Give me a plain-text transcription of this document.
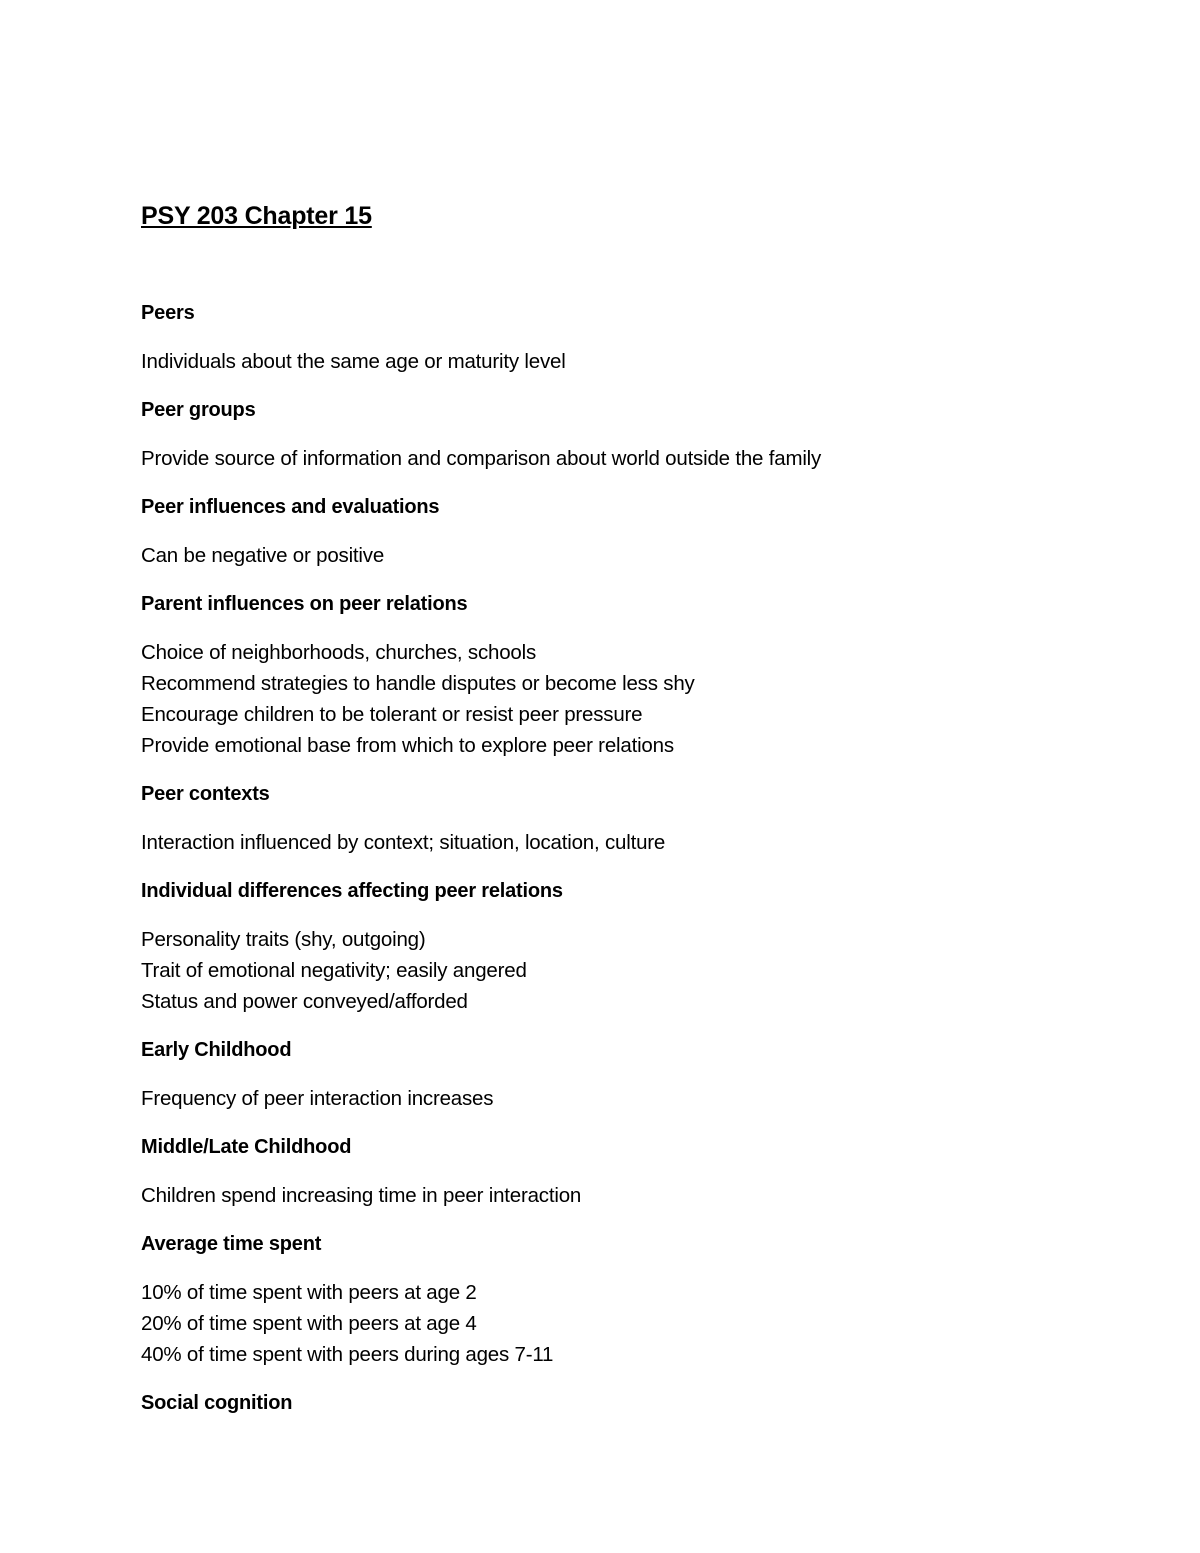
PSY 203 Chapter 15
Peers
Individuals about the same age or maturity level
Peer groups
Provide source of information and comparison about world outside the family
Peer influences and evaluations
Can be negative or positive
Parent influences on peer relations
Choice of neighborhoods, churches, schools
Recommend strategies to handle disputes or become less shy
Encourage children to be tolerant or resist peer pressure
Provide emotional base from which to explore peer relations
Peer contexts
Interaction influenced by context; situation, location, culture
Individual differences affecting peer relations
Personality traits (shy, outgoing)
Trait of emotional negativity; easily angered
Status and power conveyed/afforded
Early Childhood
Frequency of peer interaction increases
Middle/Late Childhood
Children spend increasing time in peer interaction
Average time spent
10% of time spent with peers at age 2
20% of time spent with peers at age 4
40% of time spent with peers during ages 7-11
Social cognition
